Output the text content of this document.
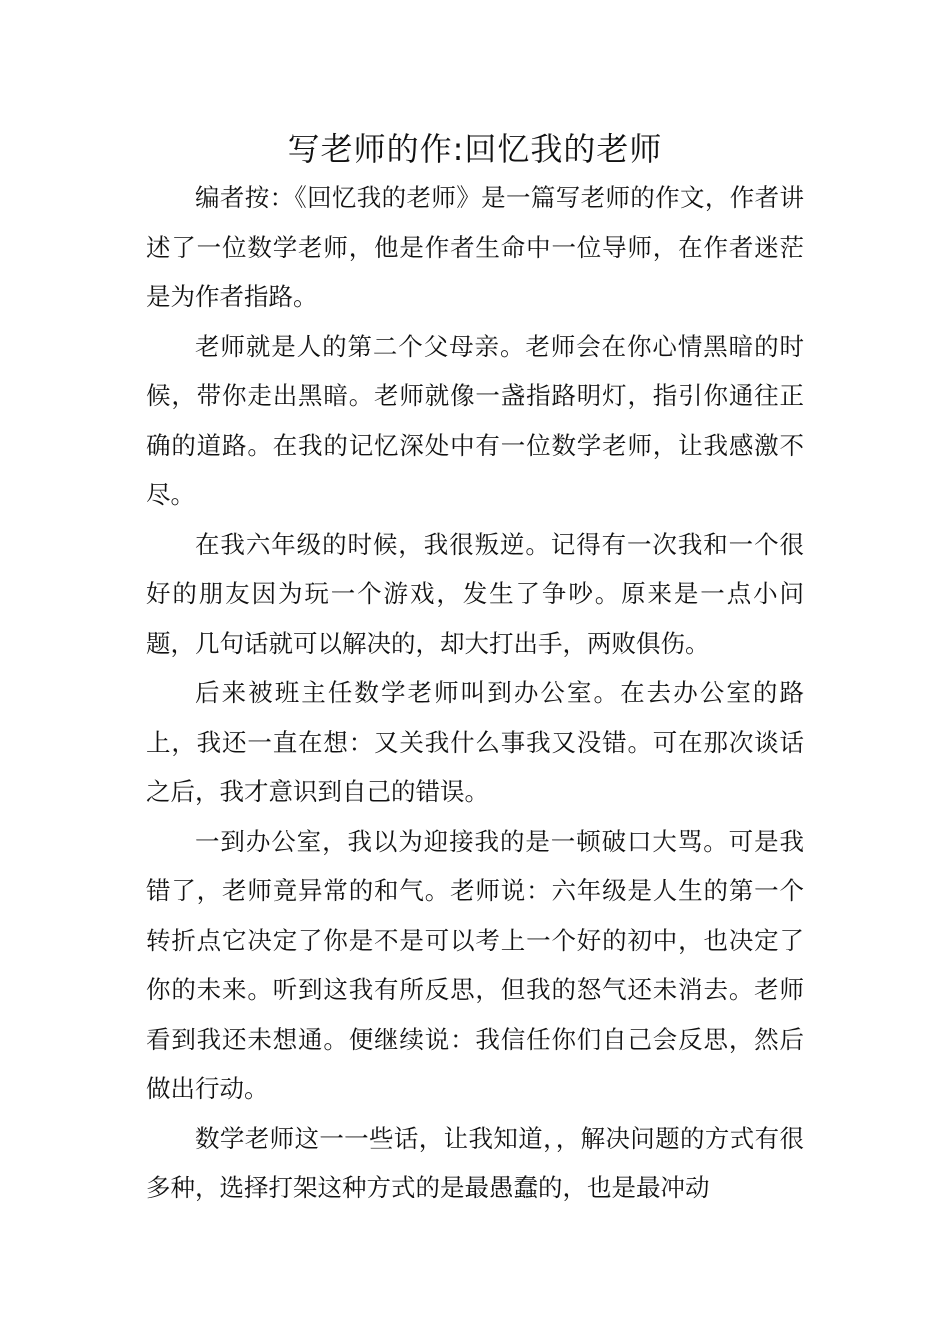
写老师的作:回忆我的老师

编者按：《回忆我的老师》是一篇写老师的作文，作者讲述了一位数学老师，他是作者生命中一位导师，在作者迷茫是为作者指路。

老师就是人的第二个父母亲。老师会在你心情黑暗的时候，带你走出黑暗。老师就像一盏指路明灯，指引你通往正确的道路。在我的记忆深处中有一位数学老师，让我感激不尽。

在我六年级的时候，我很叛逆。记得有一次我和一个很好的朋友因为玩一个游戏，发生了争吵。原来是一点小问题，几句话就可以解决的，却大打出手，两败俱伤。

后来被班主任数学老师叫到办公室。在去办公室的路上，我还一直在想：又关我什么事我又没错。可在那次谈话之后，我才意识到自己的错误。

一到办公室，我以为迎接我的是一顿破口大骂。可是我错了，老师竟异常的和气。老师说：六年级是人生的第一个转折点它决定了你是不是可以考上一个好的初中，也决定了你的未来。听到这我有所反思，但我的怒气还未消去。老师看到我还未想通。便继续说：我信任你们自己会反思，然后做出行动。

数学老师这一一些话，让我知道，，解决问题的方式有很多种，选择打架这种方式的是最愚蠢的，也是最冲动
